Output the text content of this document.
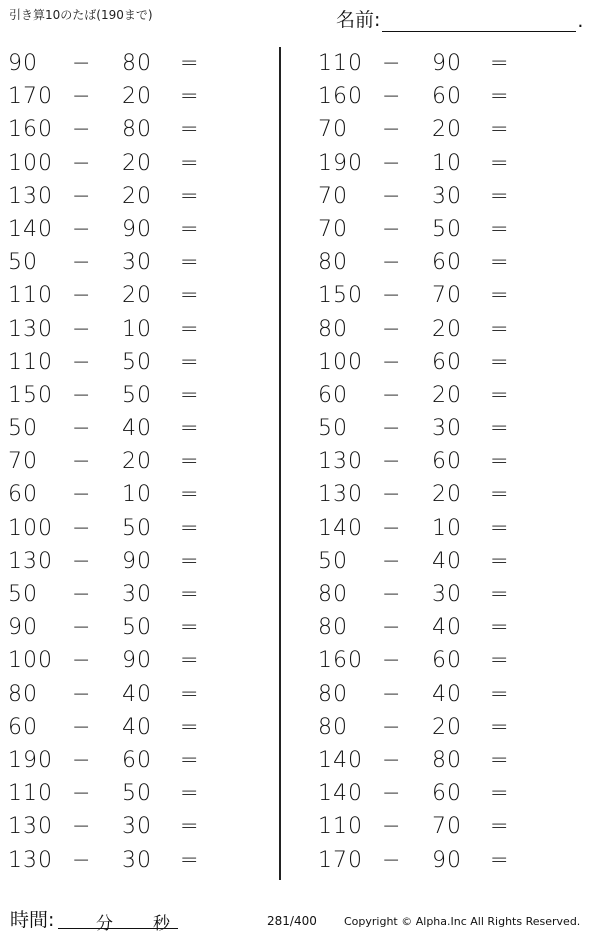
引き算10のたば(190まで)	名前:	.
90	− 80	=
170 − 20	=
160 − 80	=
100 − 20	=
130 − 20	=
140 − 90	=
50	− 30	=
110 − 20	=
130 − 10	=
110 − 50	=
150 − 50	=
50	− 40	=
70	− 20	=
60	− 10	=
100 − 50	=
130 − 90	=
50	− 30	=
90	− 50	=
100 − 90	=
80	− 40	=
60	− 40	=
190 − 60	=
110 − 50	=
130 − 30	=
130 − 30	=
110 − 90	=
160 − 60	=
70	− 20	=
190 − 10	=
70	− 30	=
70	− 50	=
80	− 60	=
150 − 70	=
80	− 20	=
100 − 60	=
60	− 20	=
50	− 30	=
130 − 60	=
130 − 20	=
140 − 10	=
50	− 40	=
80	− 30	=
80	− 40	=
160 − 60	=
80	− 40	=
80	− 20	=
140 − 80	=
140 − 60	=
110 − 70	=
170 − 90	=
時間: 分 秒	281/400 Copyright © Alpha.Inc All Rights Reserved.
